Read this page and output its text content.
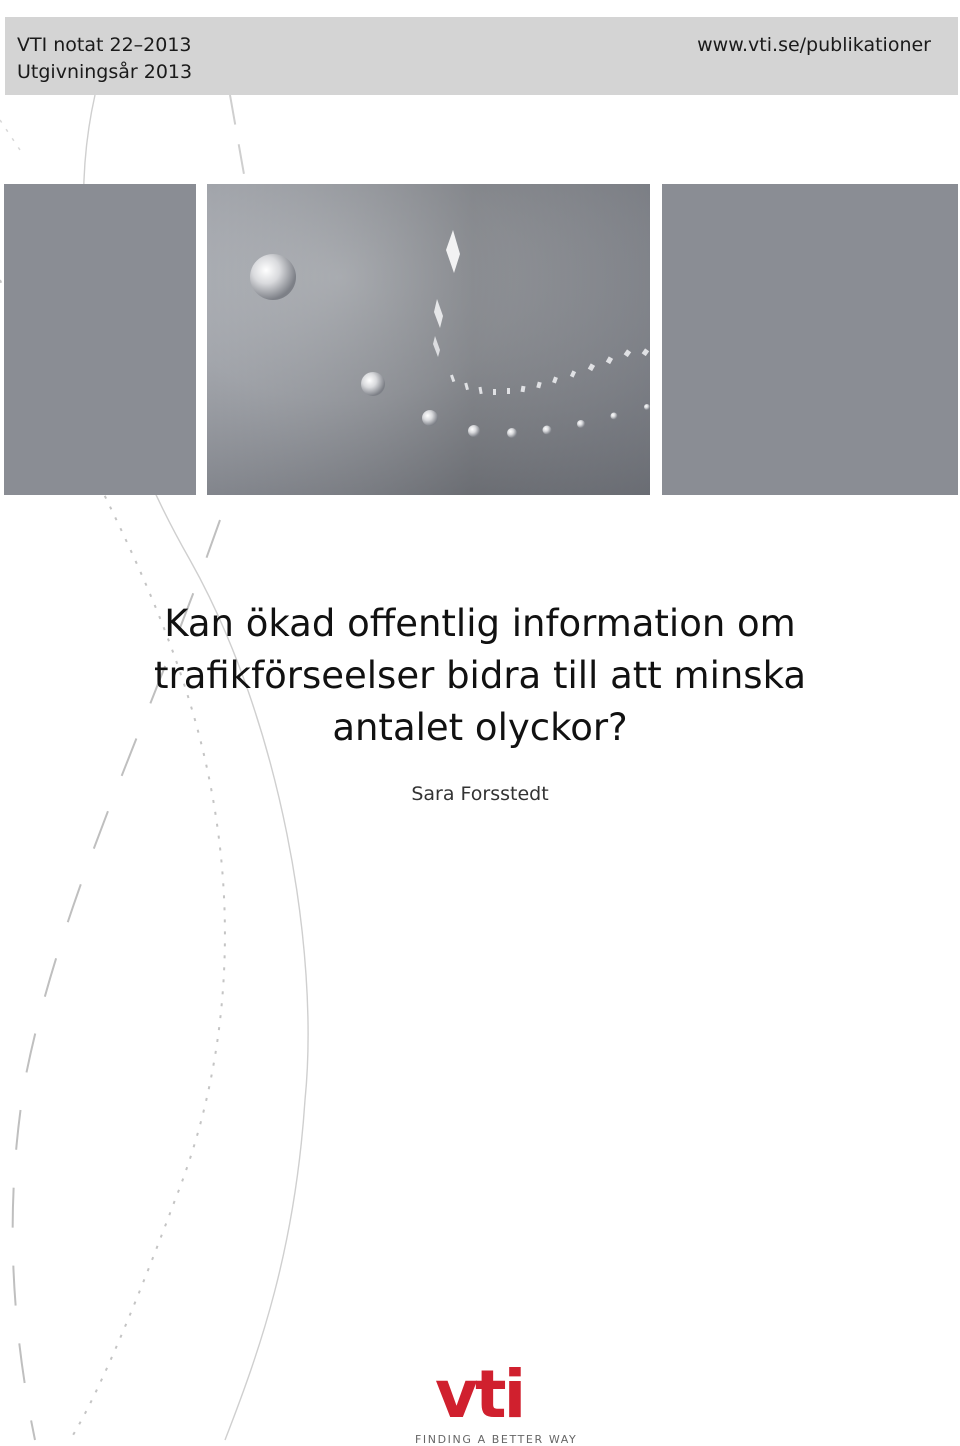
VTI notat 22–2013
Utgivningsår 2013
www.vti.se/publikationer
Kan ökad offentlig information om
trafikförseelser bidra till att minska
antalet olyckor?
Sara Forsstedt
vti
FINDING A BETTER WAY
